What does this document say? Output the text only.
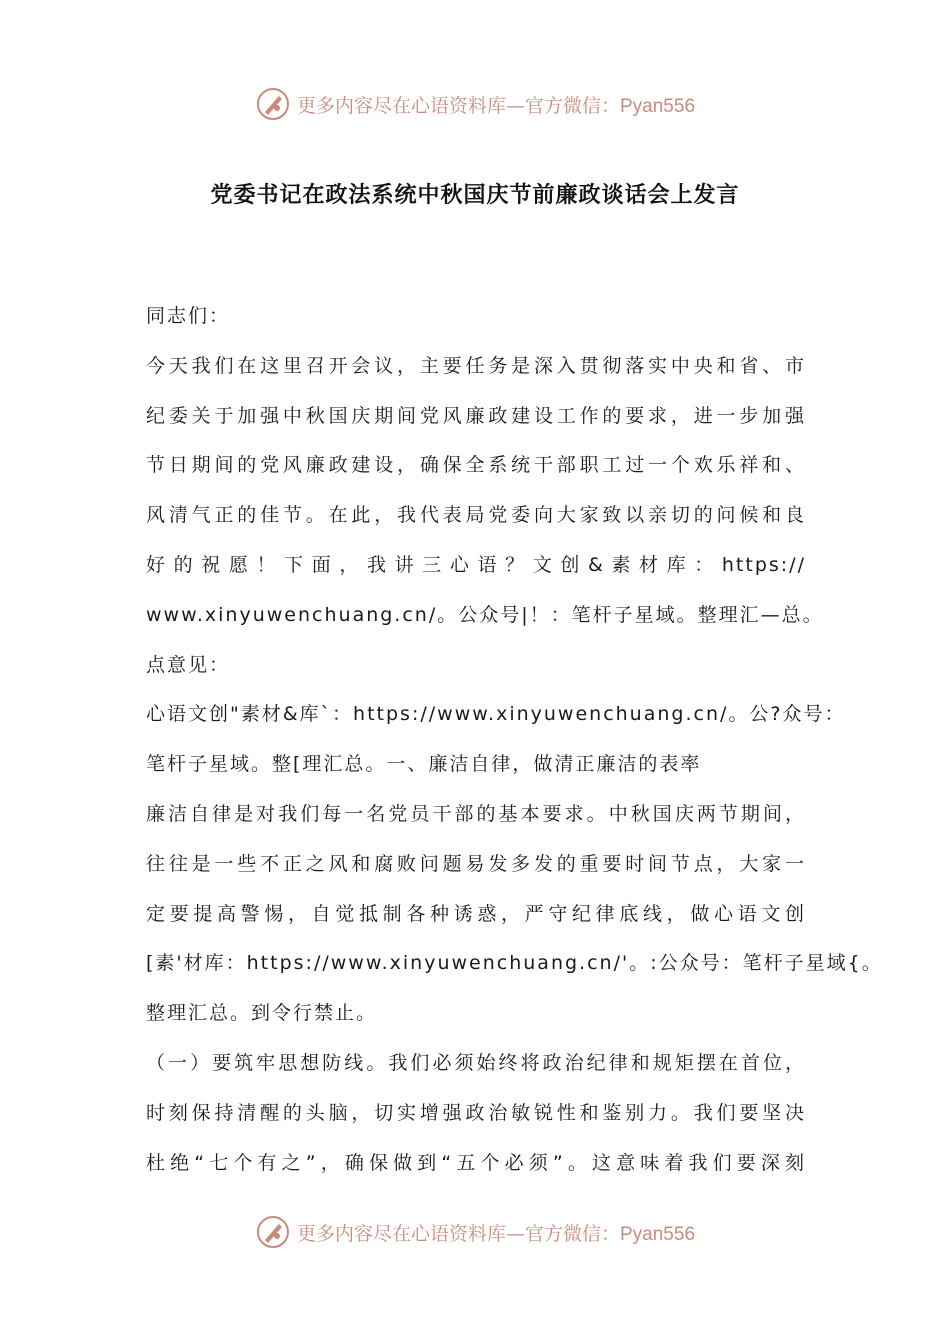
更多内容尽在心语资料库— 官方微信：Pyan556
党委书记在政法系统中秋国庆节前廉政谈话会上发言
同志们：
今天我们在这里召开会议，主要任务是深入贯彻落实中央和省、市
纪委关于加强中秋国庆期间党风廉政建设工作的要求，进一步加强
节日期间的党风廉政建设，确保全系统干部职工过一个欢乐祥和、
风清气正的佳节。在此，我代表局党委向大家致以亲切的问候和良
好的祝愿！下面，我讲三心语？文创&素材库：https://
www.xinyuwenchuang.cn/。公众号|！：笔杆子星域。整理汇—总。
点意见：
心语文创"素材&库`：https://www.xinyuwenchuang.cn/。公?众号：
笔杆子星域。整[理汇总。一、廉洁自律，做清正廉洁的表率
廉洁自律是对我们每一名党员干部的基本要求。中秋国庆两节期间，
往往是一些不正之风和腐败问题易发多发的重要时间节点，大家一
定要提高警惕，自觉抵制各种诱惑，严守纪律底线，做心语文创
[素'材库：https://www.xinyuwenchuang.cn/'。:公众号：笔杆子星域{。
整理汇总。到令行禁止。
（一）要筑牢思想防线。我们必须始终将政治纪律和规矩摆在首位，
时刻保持清醒的头脑，切实增强政治敏锐性和鉴别力。我们要坚决
杜绝“七个有之”，确保做到“五个必须”。这意味着我们要深刻
更多内容尽在心语资料库— 官方微信：Pyan556
